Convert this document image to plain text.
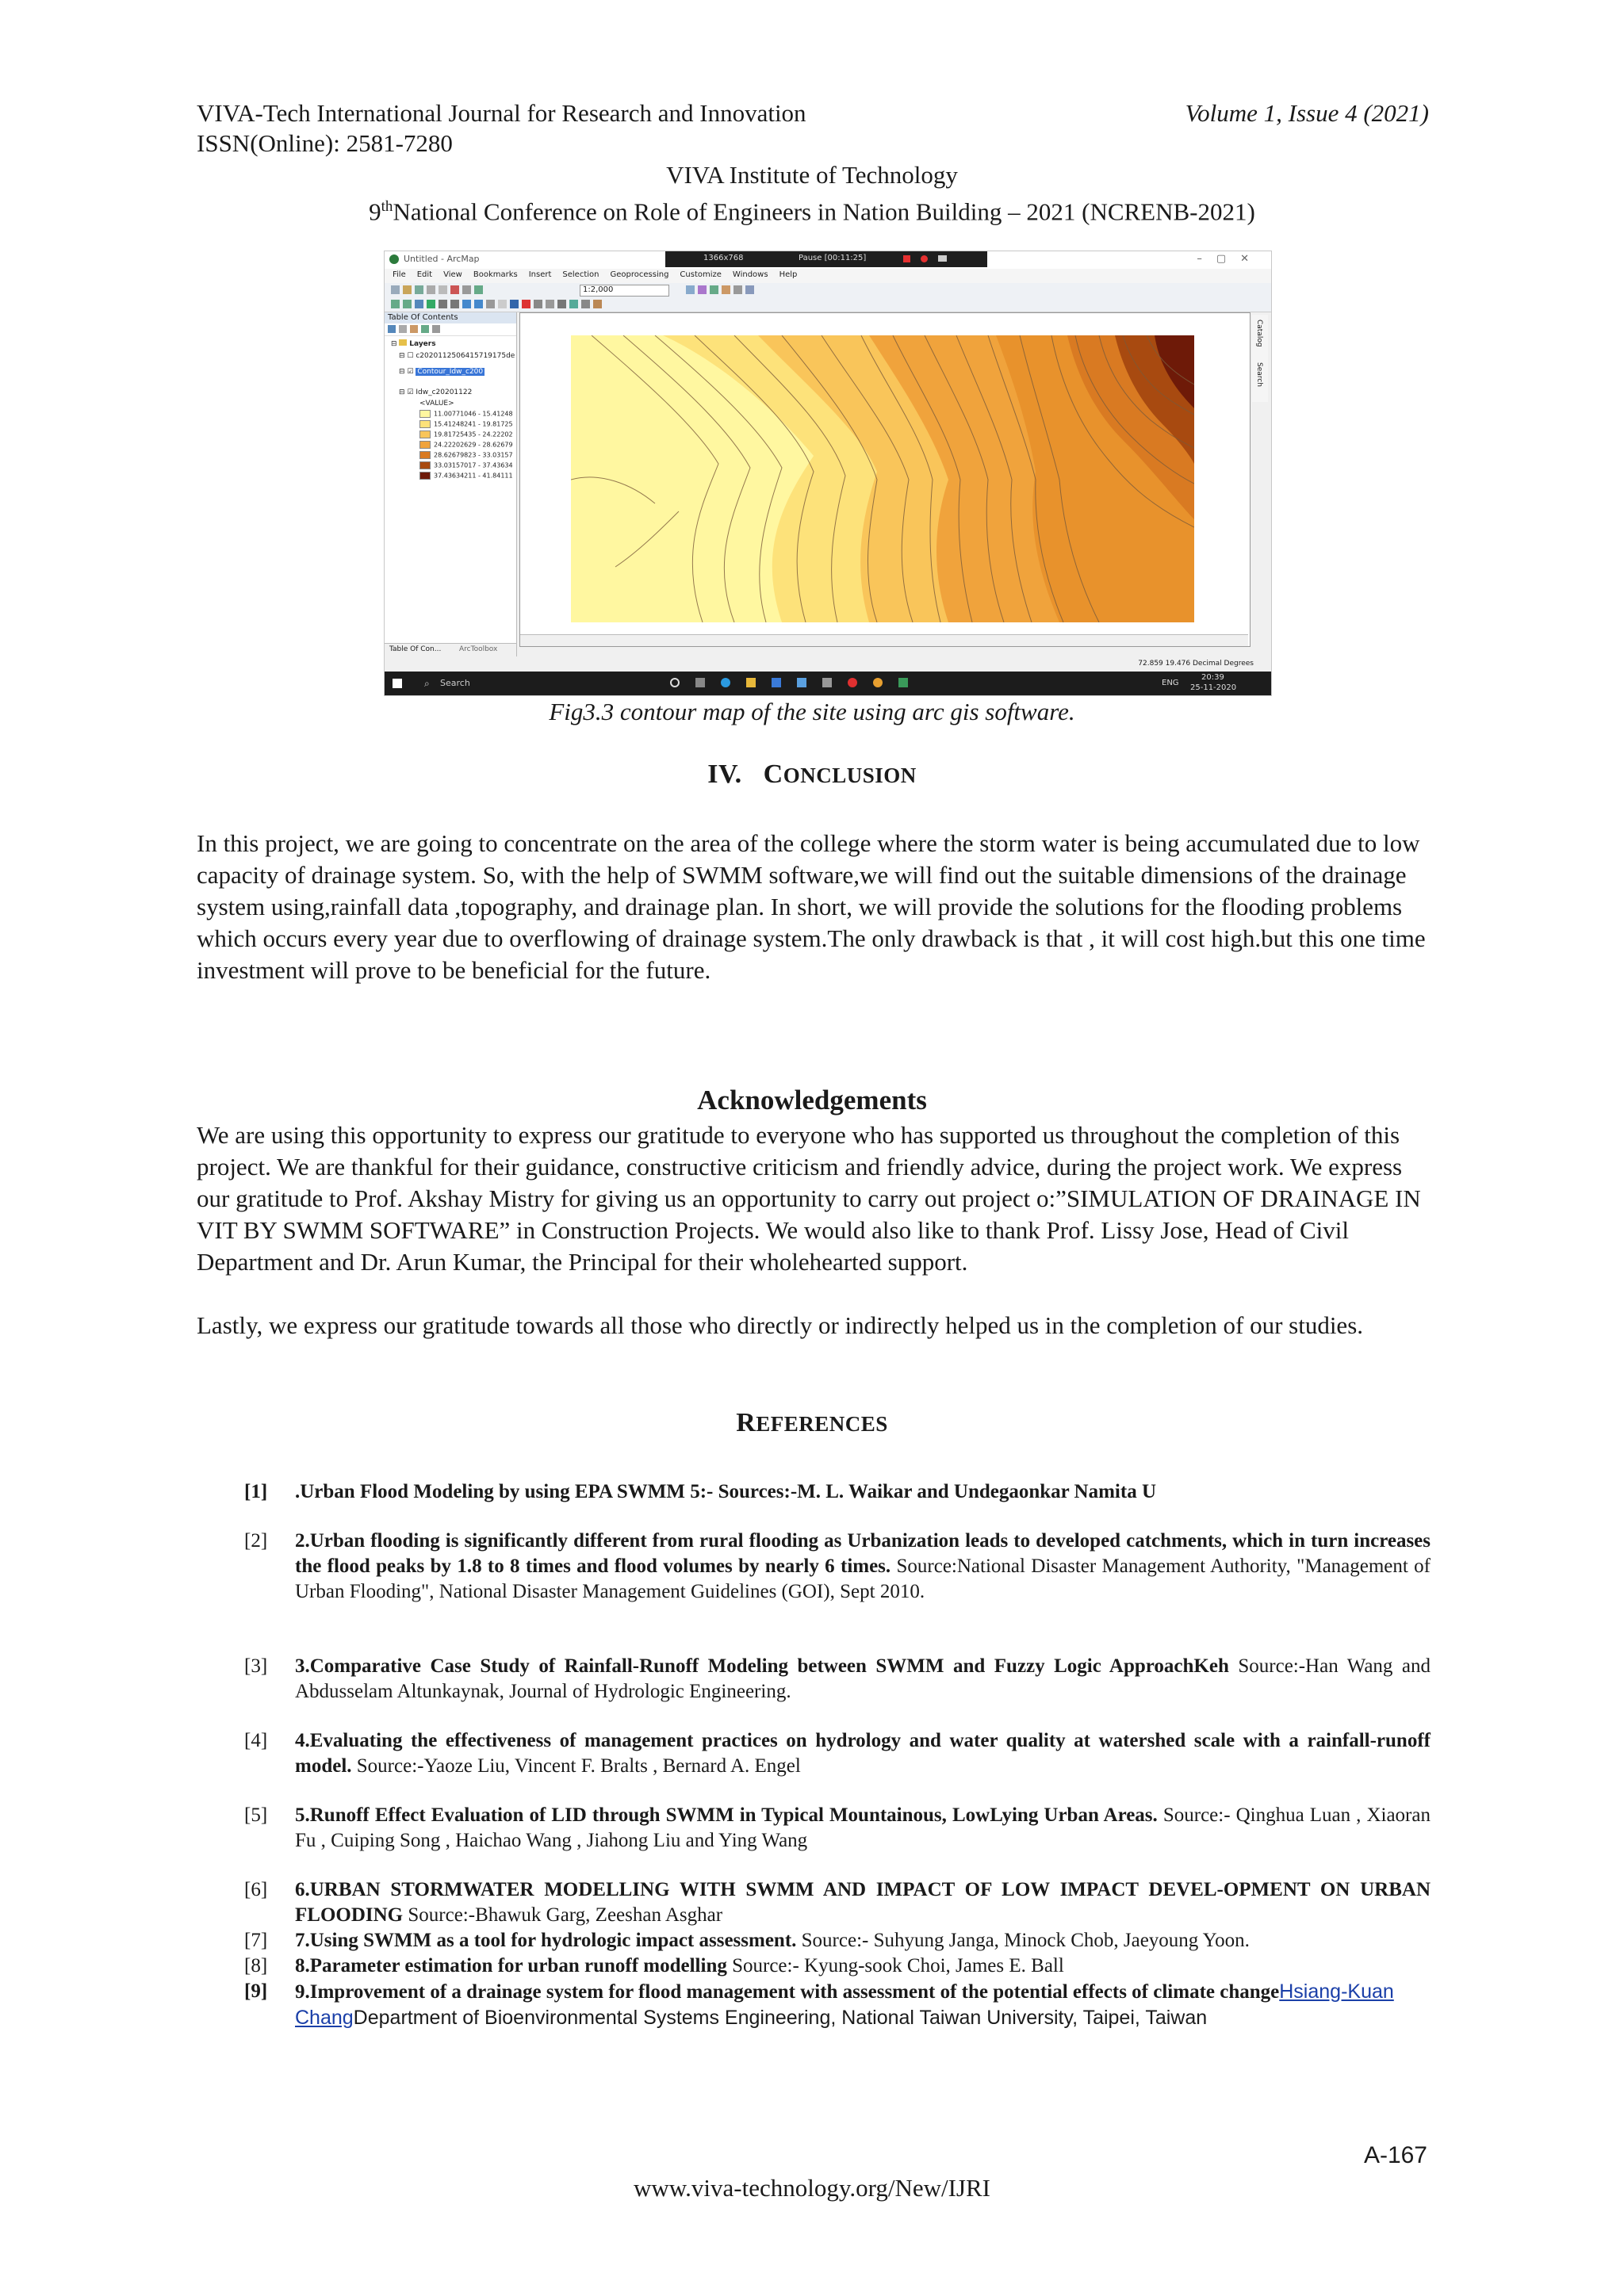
VIVA-Tech International Journal for Research and Innovation	Volume 1, Issue 4 (2021)
ISSN(Online): 2581-7280
VIVA Institute of Technology
9thNational Conference on Role of Engineers in Nation Building – 2021 (NCRENB-2021)
Untitled - ArcMap	1366x768	Pause [00:11:25]	–▢✕
File Edit View Bookmarks Insert Selection Geoprocessing Customize Windows Help
1:2,000
Table Of Contents
⊟  Layers
⊟ ☐ c2020112506415719175de
⊟ ☑ Contour_Idw_c200
⊟ ☑ Idw_c20201122
<VALUE>
11.00771046 - 15.41248
15.41248241 - 19.81725
19.81725435 - 24.22202
24.22202629 - 28.62679
28.62679823 - 33.03157
33.03157017 - 37.43634
37.43634211 - 41.84111
Table Of Con...	ArcToolbox
Catalog
Search
72.859 19.476 Decimal Degrees
⌕ Search	ENG
20:39
25-11-2020
Fig3.3 contour map of the site using arc gis software.
IV. CONCLUSION
In this project, we are going to concentrate on the area of the college where the storm water is being accumulated due to low capacity of drainage system. So, with the help of SWMM software,we will find out the suitable dimensions of the drainage system using,rainfall data ,topography, and drainage plan. In short, we will provide the solutions for the flooding problems which occurs every year due to overflowing of drainage system.The only drawback is that , it will cost high.but this one time investment will prove to be beneficial for the future.
Acknowledgements
We are using this opportunity to express our gratitude to everyone who has supported us throughout the completion of this project. We are thankful for their guidance, constructive criticism and friendly advice, during the project work. We express our gratitude to Prof. Akshay Mistry for giving us an opportunity to carry out project o:”SIMULATION OF DRAINAGE IN VIT BY SWMM SOFTWARE” in Construction Projects. We would also like to thank Prof. Lissy Jose, Head of Civil Department and Dr. Arun Kumar, the Principal for their wholehearted support.
Lastly, we express our gratitude towards all those who directly or indirectly helped us in the completion of our studies.
REFERENCES
[1] .Urban Flood Modeling by using EPA SWMM 5:- Sources:-M. L. Waikar and Undegaonkar Namita U
[2] 2.Urban flooding is significantly different from rural flooding as Urbanization leads to developed catchments, which in turn increases the flood peaks by 1.8 to 8 times and flood volumes by nearly 6 times. Source:National Disaster Management Authority, "Management of Urban Flooding", National Disaster Management Guidelines (GOI), Sept 2010.
[3] 3.Comparative Case Study of Rainfall-Runoff Modeling between SWMM and Fuzzy Logic ApproachKeh Source:-Han Wang and Abdusselam Altunkaynak, Journal of Hydrologic Engineering.
[4] 4.Evaluating the effectiveness of management practices on hydrology and water quality at watershed scale with a rainfall-runoff model. Source:-Yaoze Liu, Vincent F. Bralts , Bernard A. Engel
[5] 5.Runoff Effect Evaluation of LID through SWMM in Typical Mountainous, LowLying Urban Areas. Source:- Qinghua Luan , Xiaoran Fu , Cuiping Song , Haichao Wang , Jiahong Liu and Ying Wang
[6] 6.URBAN STORMWATER MODELLING WITH SWMM AND IMPACT OF LOW IMPACT DEVEL-OPMENT ON URBAN FLOODING Source:-Bhawuk Garg, Zeeshan Asghar
[7] 7.Using SWMM as a tool for hydrologic impact assessment. Source:- Suhyung Janga, Minock Chob, Jaeyoung Yoon.
[8] 8.Parameter estimation for urban runoff modelling Source:- Kyung-sook Choi, James E. Ball
[9] 9.Improvement of a drainage system for flood management with assessment of the potential effects of climate changeHsiang-Kuan ChangDepartment of Bioenvironmental Systems Engineering, National Taiwan University, Taipei, Taiwan
A-167
www.viva-technology.org/New/IJRI
